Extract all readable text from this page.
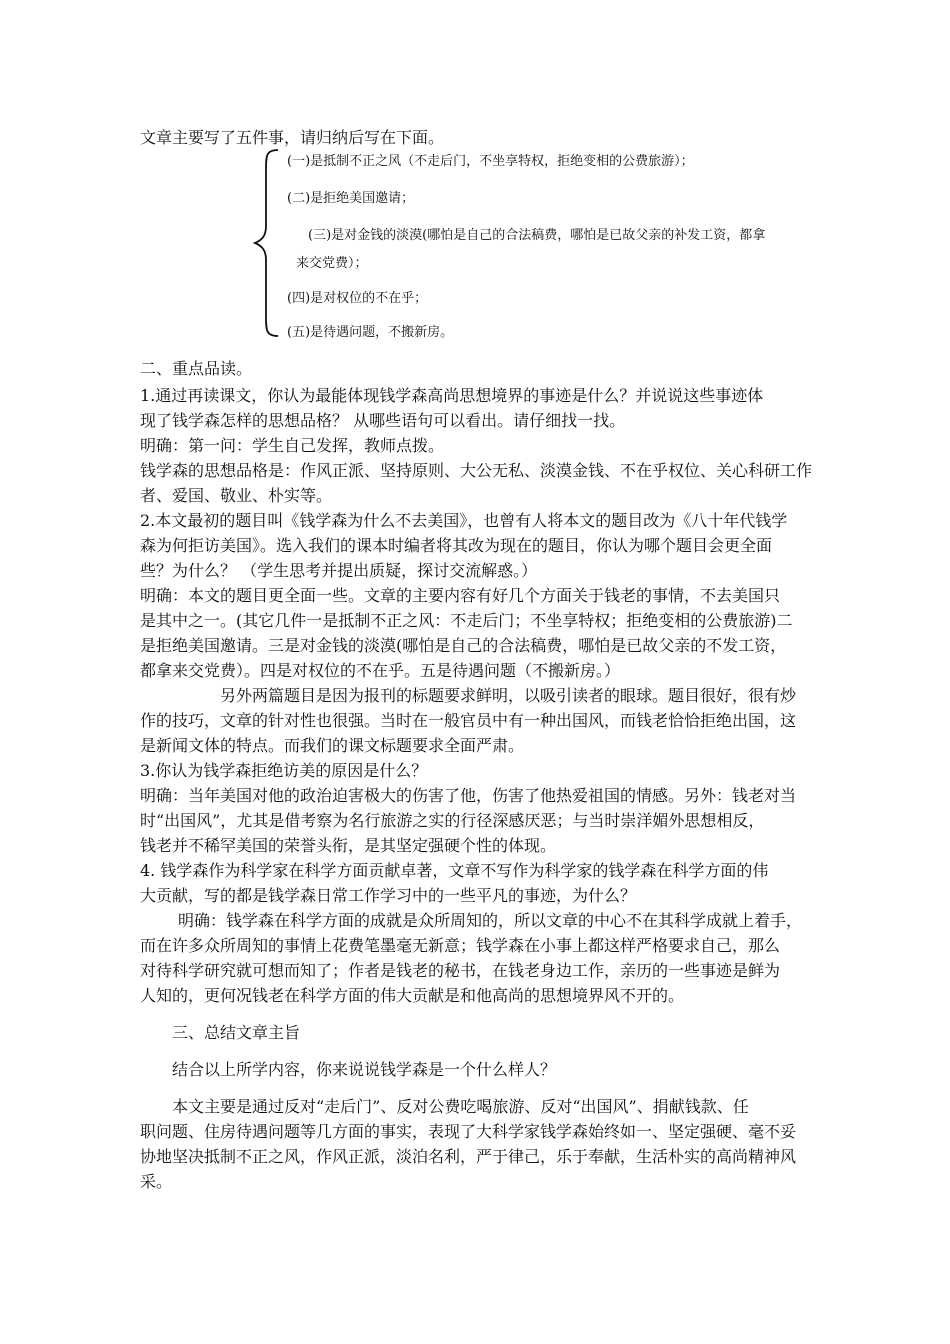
文章主要写了五件事，请归纳后写在下面。
(一)是抵制不正之风（不走后门，不坐享特权，拒绝变相的公费旅游）；
(二)是拒绝美国邀请；
(三)是对金钱的淡漠(哪怕是自己的合法稿费，哪怕是已故父亲的补发工资，都拿
来交党费）；
(四)是对权位的不在乎；
(五)是待遇问题，不搬新房。
二、重点品读。
1.通过再读课文，你认为最能体现钱学森高尚思想境界的事迹是什么？并说说这些事迹体
现了钱学森怎样的思想品格？ 从哪些语句可以看出。请仔细找一找。
明确：第一问：学生自己发挥，教师点拨。
钱学森的思想品格是：作风正派、坚持原则、大公无私、淡漠金钱、不在乎权位、关心科研工作
者、爱国、敬业、朴实等。
2.本文最初的题目叫《钱学森为什么不去美国》，也曾有人将本文的题目改为《八十年代钱学
森为何拒访美国》。选入我们的课本时编者将其改为现在的题目，你认为哪个题目会更全面
些？为什么？ （学生思考并提出质疑，探讨交流解惑。）
明确：本文的题目更全面一些。文章的主要内容有好几个方面关于钱老的事情，不去美国只
是其中之一。(其它几件一是抵制不正之风：不走后门；不坐享特权；拒绝变相的公费旅游)二
是拒绝美国邀请。三是对金钱的淡漠(哪怕是自己的合法稿费，哪怕是已故父亲的不发工资，
都拿来交党费）。四是对权位的不在乎。五是待遇问题（不搬新房。）
另外两篇题目是因为报刊的标题要求鲜明，以吸引读者的眼球。题目很好，很有炒
作的技巧，文章的针对性也很强。当时在一般官员中有一种出国风，而钱老恰恰拒绝出国，这
是新闻文体的特点。而我们的课文标题要求全面严肃。
3.你认为钱学森拒绝访美的原因是什么？
明确：当年美国对他的政治迫害极大的伤害了他，伤害了他热爱祖国的情感。另外：钱老对当
时“出国风”，尤其是借考察为名行旅游之实的行径深感厌恶；与当时崇洋媚外思想相反，
钱老并不稀罕美国的荣誉头衔，是其坚定强硬个性的体现。
4. 钱学森作为科学家在科学方面贡献卓著，文章不写作为科学家的钱学森在科学方面的伟
大贡献，写的都是钱学森日常工作学习中的一些平凡的事迹，为什么？
明确：钱学森在科学方面的成就是众所周知的，所以文章的中心不在其科学成就上着手，
而在许多众所周知的事情上花费笔墨毫无新意；钱学森在小事上都这样严格要求自己，那么
对待科学研究就可想而知了；作者是钱老的秘书，在钱老身边工作，亲历的一些事迹是鲜为
人知的，更何况钱老在科学方面的伟大贡献是和他高尚的思想境界风不开的。
三、总结文章主旨
结合以上所学内容，你来说说钱学森是一个什么样人？
本文主要是通过反对“走后门”、反对公费吃喝旅游、反对“出国风”、捐献钱款、任
职问题、住房待遇问题等几方面的事实，表现了大科学家钱学森始终如一、坚定强硬、毫不妥
协地坚决抵制不正之风，作风正派，淡泊名利，严于律己，乐于奉献，生活朴实的高尚精神风
采。
